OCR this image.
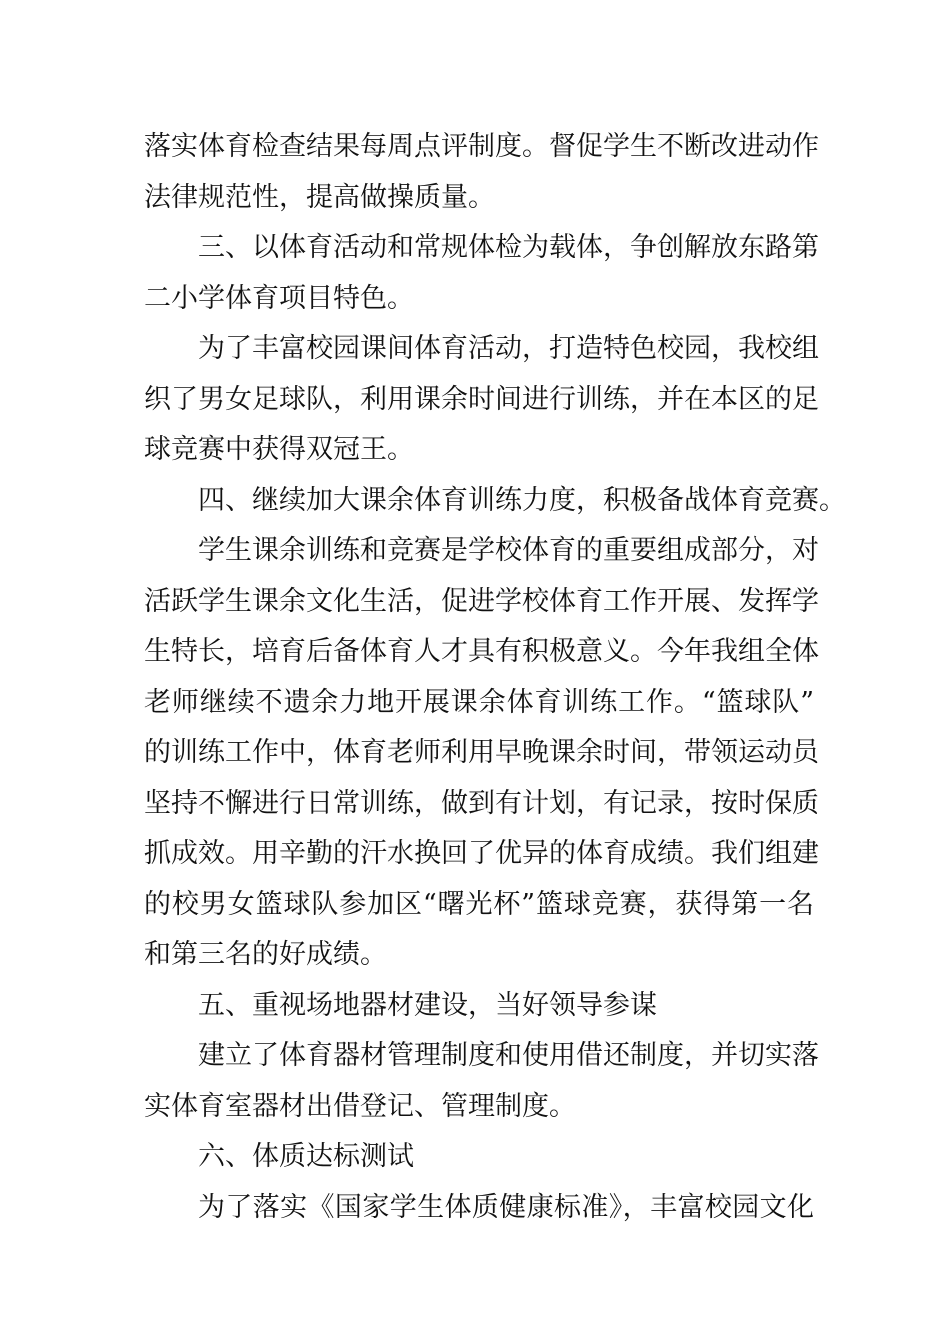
落实体育检查结果每周点评制度。督促学生不断改进动作
法律规范性，提高做操质量。
三、以体育活动和常规体检为载体，争创解放东路第
二小学体育项目特色。
为了丰富校园课间体育活动，打造特色校园，我校组
织了男女足球队，利用课余时间进行训练，并在本区的足
球竞赛中获得双冠王。
四、继续加大课余体育训练力度，积极备战体育竞赛。
学生课余训练和竞赛是学校体育的重要组成部分，对
活跃学生课余文化生活，促进学校体育工作开展、发挥学
生特长，培育后备体育人才具有积极意义。今年我组全体
老师继续不遗余力地开展课余体育训练工作。“篮球队”
的训练工作中，体育老师利用早晚课余时间，带领运动员
坚持不懈进行日常训练，做到有计划，有记录，按时保质
抓成效。用辛勤的汗水换回了优异的体育成绩。我们组建
的校男女篮球队参加区“曙光杯”篮球竞赛，获得第一名
和第三名的好成绩。
五、重视场地器材建设，当好领导参谋
建立了体育器材管理制度和使用借还制度，并切实落
实体育室器材出借登记、管理制度。
六、体质达标测试
为了落实《国家学生体质健康标准》，丰富校园文化
